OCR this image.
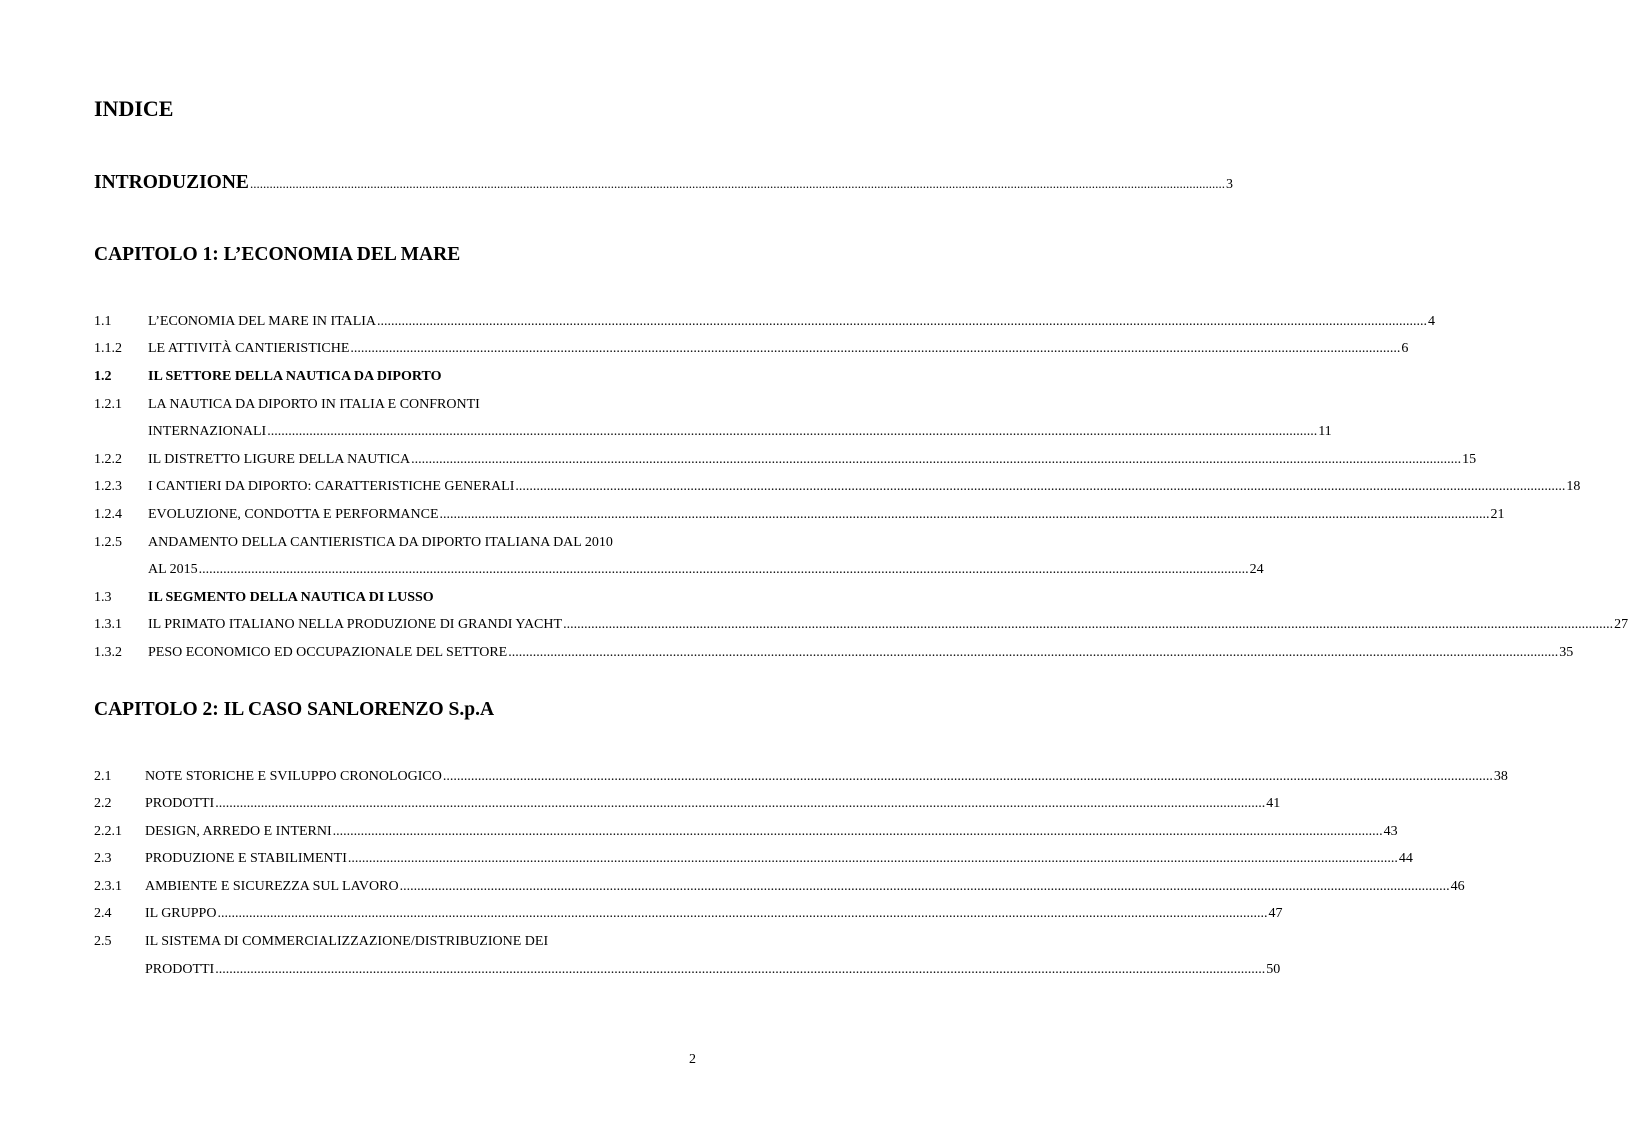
INDICE
INTRODUZIONE ............................................................................................................................................................................................................................................................................................................ 3
CAPITOLO 1: L’ECONOMIA DEL MARE
1.1	L’ECONOMIA DEL MARE IN ITALIA ............................................................................................................................................................................................................................................................................................................ 4
1.1.2 LE ATTIVITÀ CANTIERISTICHE ............................................................................................................................................................................................................................................................................................................ 6
1.2	IL SETTORE DELLA NAUTICA DA DIPORTO
1.2.1 LA NAUTICA DA DIPORTO IN ITALIA E CONFRONTI
INTERNAZIONALI ............................................................................................................................................................................................................................................................................................................ 11
1.2.2 IL DISTRETTO LIGURE DELLA NAUTICA ............................................................................................................................................................................................................................................................................................................ 15
1.2.3 I CANTIERI DA DIPORTO: CARATTERISTICHE GENERALI ............................................................................................................................................................................................................................................................................................................ 18
1.2.4 EVOLUZIONE, CONDOTTA E PERFORMANCE ............................................................................................................................................................................................................................................................................................................ 21
1.2.5 ANDAMENTO DELLA CANTIERISTICA DA DIPORTO ITALIANA DAL 2010
AL 2015 ............................................................................................................................................................................................................................................................................................................ 24
1.3	IL SEGMENTO DELLA NAUTICA DI LUSSO
1.3.1 IL PRIMATO ITALIANO NELLA PRODUZIONE DI GRANDI YACHT ............................................................................................................................................................................................................................................................................................................ 27
1.3.2 PESO ECONOMICO ED OCCUPAZIONALE DEL SETTORE ............................................................................................................................................................................................................................................................................................................ 35
CAPITOLO 2: IL CASO SANLORENZO S.p.A
2.1 NOTE STORICHE E SVILUPPO CRONOLOGICO ............................................................................................................................................................................................................................................................................................................ 38
2.2 PRODOTTI ............................................................................................................................................................................................................................................................................................................ 41
2.2.1 DESIGN, ARREDO E INTERNI ............................................................................................................................................................................................................................................................................................................ 43
2.3 PRODUZIONE E STABILIMENTI ............................................................................................................................................................................................................................................................................................................ 44
2.3.1 AMBIENTE E SICUREZZA SUL LAVORO ............................................................................................................................................................................................................................................................................................................ 46
2.4 IL GRUPPO ............................................................................................................................................................................................................................................................................................................ 47
2.5 IL SISTEMA DI COMMERCIALIZZAZIONE/DISTRIBUZIONE DEI
PRODOTTI ............................................................................................................................................................................................................................................................................................................ 50
2
